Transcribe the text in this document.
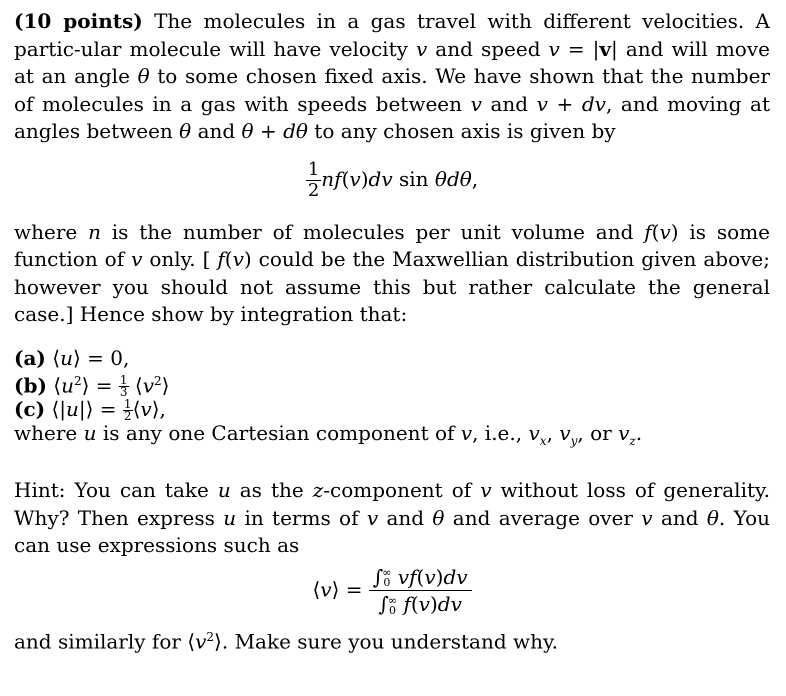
(10 points) The molecules in a gas travel with different velocities. A partic-ular molecule will have velocity v and speed v = |v| and will move at an angle θ to some chosen fixed axis. We have shown that the number of molecules in a gas with speeds between v and v + dv, and moving at angles between θ and θ + dθ to any chosen axis is given by
$\frac{1}{2} nf(v)dv$ sin θdθ,
where n is the number of molecules per unit volume and f(v) is some function of v only. [ f(v) could be the Maxwellian distribution given above; however you should not assume this but rather calculate the general case.] Hence show by integration that:
(a) ⟨u⟩ = 0,
(b) $⟨u^2⟩ = \frac{1}{3}$ $⟨v^2⟩$
(c) ⟨|u|⟩ = $\frac{1}{2}$ ⟨v⟩,
where u is any one Cartesian component of v, i.e., $v_x$, $v_y$, or $v_z$.
Hint: You can take u as the z-component of v without loss of generality. Why? Then express u in terms of v and θ and average over v and θ. You can use expressions such as
⟨v⟩ = ∫ ∞
0 vf(v)dv
∫ ∞
0 f(v)dv
and similarly for $⟨v^2⟩$. Make sure you understand why.
